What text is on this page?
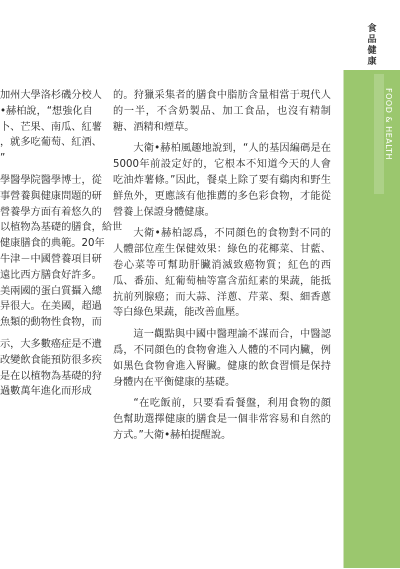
食品健康
FOOD & HEALTH

加州大學洛杉磯分校人

•赫柏說，“想強化自

卜、芒果、南瓜、紅薯

，就多吃葡萄、紅酒、

”

學醫學院醫學博士，從

事營養與健康問題的研

營養學方面有着悠久的

以植物為基礎的膳食，給世

健康膳食的典範。20年

牛津－中國營養項目研

遠比西方膳食好許多。

美兩國的蛋白質攝入總

异很大。在美國，超過

魚類的動物性食物，而

示，大多數癌症是不遺

改變飲食能預防很多疾

是在以植物為基礎的狩

過數萬年進化而形成

的。狩獵采集者的膳食中脂肪含量相當于現代人的一半，不含奶製品、加工食品，也沒有精制糖、酒精和煙草。

大衛•赫柏風趣地說到，“人的基因編碼是在5000年前設定好的，它根本不知道今天的人會吃油炸薯條。”因此，餐桌上除了要有鷄肉和野生鮮魚外，更應該有他推薦的多色彩食物，才能從營養上保證身體健康。

大衛•赫柏認爲，不同顔色的食物對不同的人體部位産生保健效果：綠色的花椰菜、甘藍、卷心菜等可幫助肝臟消滅致癌物質；紅色的西瓜、番茄、紅葡萄柚等富含茄紅素的果蔬，能抵抗前列腺癌；而大蒜、洋蔥、芹菜、梨、細香蔥等白綠色果蔬，能改善血壓。

這一觀點與中國中醫理論不謀而合，中醫認爲，不同顔色的食物會進入人體的不同内臟，例如黑色食物會進入腎臟。健康的飲食習慣是保持身體内在平衡健康的基礎。

“在吃飯前，只要看看餐盤，利用食物的顔色幫助選擇健康的膳食是一個非常容易和自然的方式。”大衛•赫柏提醒說。
